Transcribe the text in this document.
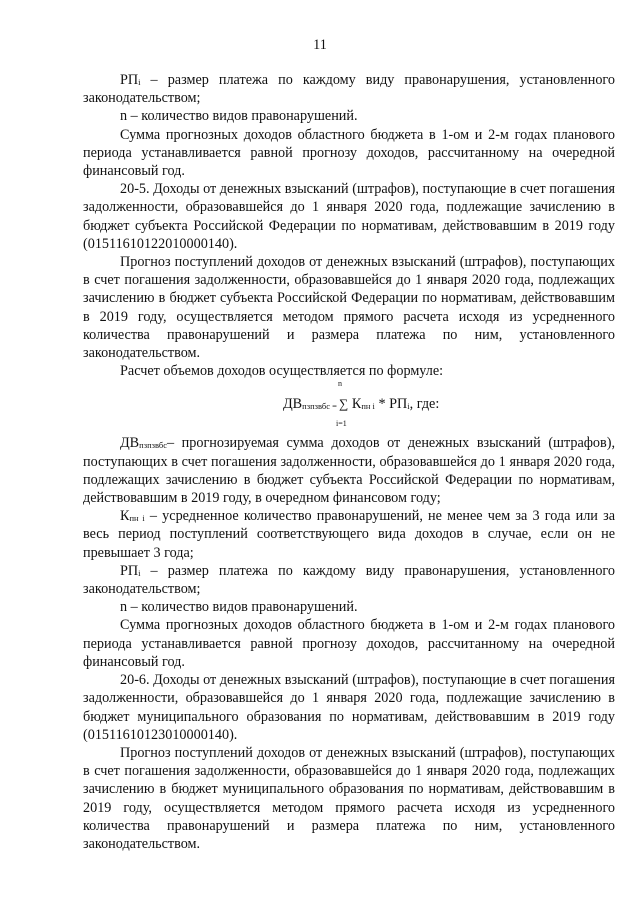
11

РПi – размер платежа по каждому виду правонарушения, установленного законодательством;

n – количество видов правонарушений.

Сумма прогнозных доходов областного бюджета в 1-ом и 2-м годах планового периода устанавливается равной прогнозу доходов, рассчитанному на очередной финансовый год.

20-5. Доходы от денежных взысканий (штрафов), поступающие в счет погашения задолженности, образовавшейся до 1 января 2020 года, подлежащие зачислению в бюджет субъекта Российской Федерации по нормативам, действовавшим в 2019 году (01511610122010000140).

Прогноз поступлений доходов от денежных взысканий (штрафов), поступающих в счет погашения задолженности, образовавшейся до 1 января 2020 года, подлежащих зачислению в бюджет субъекта Российской Федерации по нормативам, действовавшим в 2019 году, осуществляется методом прямого расчета исходя из усредненного количества правонарушений и размера платежа по ним, установленного законодательством.

Расчет объемов доходов осуществляется по формуле:

n
ДВпзпзвбс = ∑ Кпн i * РПi, где:
i=1

ДВпзпзвбс– прогнозируемая сумма доходов от денежных взысканий (штрафов), поступающих в счет погашения задолженности, образовавшейся до 1 января 2020 года, подлежащих зачислению в бюджет субъекта Российской Федерации по нормативам, действовавшим в 2019 году, в очередном финансовом году;

Кпн i – усредненное количество правонарушений, не менее чем за 3 года или за весь период поступлений соответствующего вида доходов в случае, если он не превышает 3 года;

РПi – размер платежа по каждому виду правонарушения, установленного законодательством;

n – количество видов правонарушений.

Сумма прогнозных доходов областного бюджета в 1-ом и 2-м годах планового периода устанавливается равной прогнозу доходов, рассчитанному на очередной финансовый год.

20-6. Доходы от денежных взысканий (штрафов), поступающие в счет погашения задолженности, образовавшейся до 1 января 2020 года, подлежащие зачислению в бюджет муниципального образования по нормативам, действовавшим в 2019 году (01511610123010000140).

Прогноз поступлений доходов от денежных взысканий (штрафов), поступающих в счет погашения задолженности, образовавшейся до 1 января 2020 года, подлежащих зачислению в бюджет муниципального образования по нормативам, действовавшим в 2019 году, осуществляется методом прямого расчета исходя из усредненного количества правонарушений и размера платежа по ним, установленного законодательством.
